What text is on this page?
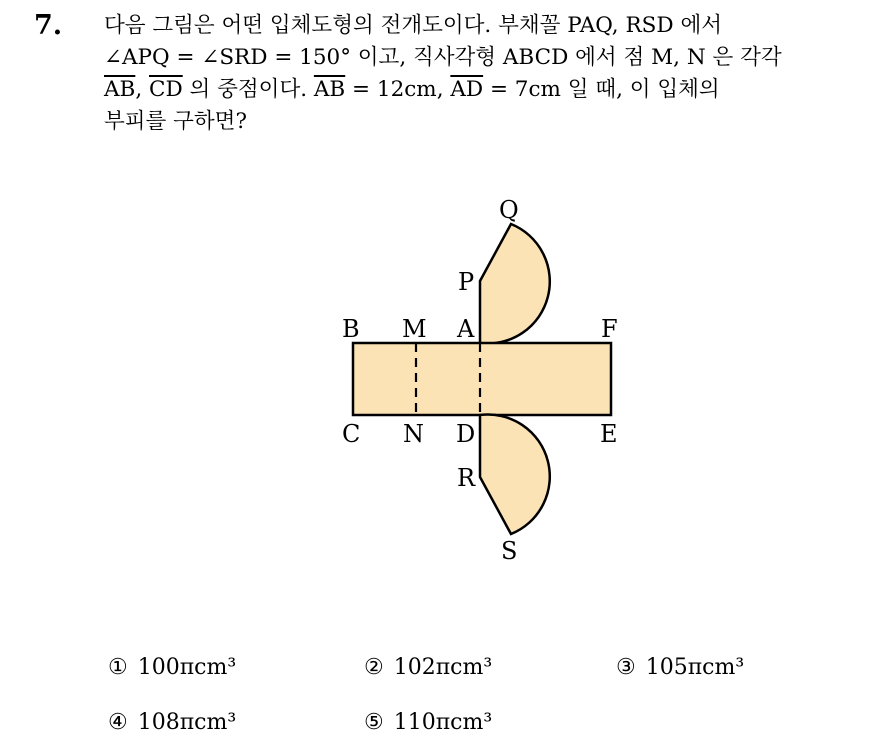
7. 다음 그림은 어떤 입체도형의 전개도이다. 부채꼴 PAQ, RSD 에서
∠APQ = ∠SRD = 150° 이고, 직사각형 ABCD 에서 점 M, N 은 각각
$\overline{AB}$, $\overline{CD}$ 의 중점이다. $\overline{AB} = 12cm$, $\overline{AD} = 7cm$ 일 때, 이 입체의
부피를 구하면?
Q
P
B M A	F
C N D	E
R
S
① 100πcm³	② 102πcm³	③ 105πcm³
④ 108πcm³	⑤ 110πcm³
